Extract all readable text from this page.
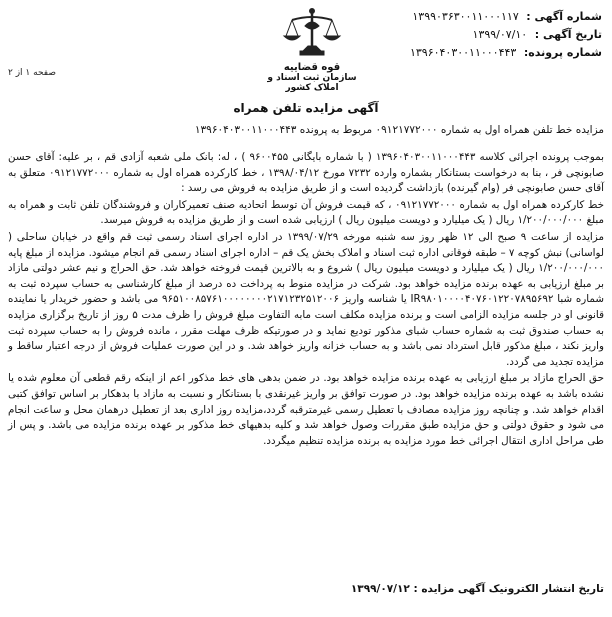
شماره آگهی : ۱۳۹۹۰۳۶۳۰۰۱۱۰۰۰۱۱۷
تاریخ آگهی : ۱۳۹۹/۰۷/۱۰
شماره پرونده: ۱۳۹۶۰۴۰۳۰۰۱۱۰۰۰۴۴۳
قوه قضاییه
سازمان ثبت اسناد و املاک کشور
صفحه ۱ از ۲
آگهی مزایده تلفن همراه
مزایده خط تلفن همراه اول به شماره ۰۹۱۲۱۷۷۲۰۰۰ مربوط به پرونده ۱۳۹۶۰۴۰۳۰۰۱۱۰۰۰۴۴۳

بموجب پرونده اجرائی کلاسه ۱۳۹۶۰۴۰۳۰۰۱۱۰۰۰۴۴۳ ( با شماره بایگانی ۹۶۰۰۴۵۵ ) ، له: بانک ملی شعبه آزادی قم ، بر علیه: آقای حسن صابونچی فر ، بنا به درخواست بستانکار بشماره وارده ۷۲۳۲ مورخ ۱۳۹۸/۰۴/۱۲ ، خط کارکرده همراه اول به شماره ۰۹۱۲۱۷۷۲۰۰۰ متعلق به آقای حسن صابونچی فر (وام گیرنده) بازداشت گردیده است و از طریق مزایده به فروش می رسد :

خط کارکرده همراه اول به شماره ۰۹۱۲۱۷۷۲۰۰۰ ، که قیمت فروش آن توسط اتحادیه صنف تعمیرکاران و فروشندگان تلفن ثابت و همراه به مبلغ ۱/۲۰۰/۰۰۰/۰۰۰ ریال ( یک میلیارد و دویست میلیون ریال ) ارزیابی شده است و از طریق مزایده به فروش میرسد.

مزایده از ساعت ۹ صبح الی ۱۲ ظهر روز سه شنبه مورخه ۱۳۹۹/۰۷/۲۹ در اداره اجرای اسناد رسمی ثبت قم واقع در خیابان ساحلی ( لواسانی) نبش کوچه ۷ – طبقه فوقانی اداره ثبت اسناد و املاک بخش یک قم – اداره اجرای اسناد رسمی قم انجام میشود. مزایده از مبلغ پایه ۱/۲۰۰/۰۰۰/۰۰۰ ریال ( یک میلیارد و دویست میلیون ریال ) شروع و به بالاترین قیمت فروخته خواهد شد. حق الحراج و نیم عشر دولتی مازاد بر مبلغ ارزیابی به عهده برنده مزایده خواهد بود. شرکت در مزایده منوط به پرداخت ده درصد از مبلغ کارشناسی به حساب سپرده ثبت به شماره شبا IR۹۸۰۱۰۰۰۰۴۰۷۶۰۱۲۲۰۷۸۹۵۶۹۲ یا شناسه واریز ۹۶۵۱۰۰۸۵۷۶۱۰۰۰۰۰۰۰۰۲۱۷۱۲۳۲۵۱۲۰۰۶ می باشد و حضور خریدار یا نماینده قانونی او در جلسه مزایده الزامی است و برنده مزایده مکلف است مابه التفاوت مبلغ فروش را ظرف مدت ۵ روز از تاریخ برگزاری مزایده به حساب صندوق ثبت به شماره حساب شبای مذکور تودیع نماید و در صورتیکه ظرف مهلت مقرر ، مانده فروش را به حساب سپرده ثبت واریز نکند ، مبلغ مذکور قابل استرداد نمی باشد و به حساب خزانه واریز خواهد شد. و در این صورت عملیات فروش از درجه اعتبار ساقط و مزایده تجدید می گردد.

حق الحراج مازاد بر مبلغ ارزیابی به عهده برنده مزایده خواهد بود. در ضمن بدهی های خط مذکور اعم از اینکه رقم قطعی آن معلوم شده یا نشده باشد به عهده برنده مزایده خواهد بود. در صورت توافق بر واریز غیرنقدی با بستانکار و نسبت به مازاد با بدهکار بر اساس توافق کتبی اقدام خواهد شد. و چنانچه روز مزایده مصادف با تعطیل رسمی غیرمترقبه گردد،مزایده روز اداری بعد از تعطیل درهمان محل و ساعت انجام می شود و حقوق دولتی و حق مزایده طبق مقررات وصول خواهد شد و کلیه بدهیهای خط مذکور بر عهده برنده مزایده می باشد. و پس از طی مراحل اداری انتقال اجرائی خط مورد مزایده به برنده مزایده تنظیم میگردد.

تاریخ انتشار الکترونیک آگهی مزایده : ۱۳۹۹/۰۷/۱۲
